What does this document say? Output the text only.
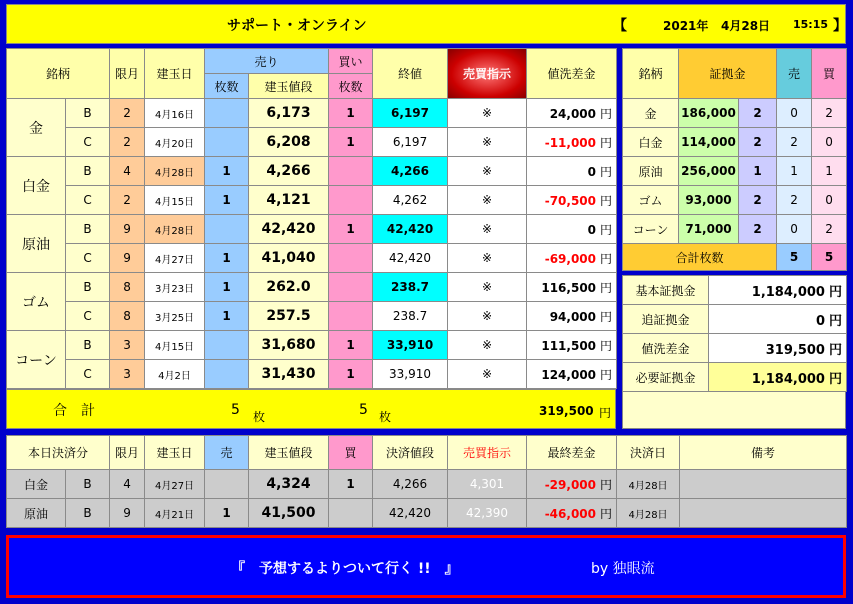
サポート・オンライン	【	2021年 4月28日 15:15 】
銘柄		限月	建玉日	売り		買い	終値	売買指示	値洗差金
				枚数	建玉値段	枚数			
金	B	2	4月16日		6,173	1	6,197	※	24,000 円
	C	2	4月20日		6,208	1	6,197	※	-11,000 円
白金	B	4	4月28日	1	4,266		4,266	※	0 円
	C	2	4月15日	1	4,121		4,262	※	-70,500 円
原油	B	9	4月28日		42,420	1	42,420	※	0 円
	C	9	4月27日	1	41,040		42,420	※	-69,000 円
ゴム	B	8	3月23日	1	262.0		238.7	※	116,500 円
	C	8	3月25日	1	257.5		238.7	※	94,000 円
コーン	B	3	4月15日		31,680	1	33,910	※	111,500 円
	C	3	4月2日		31,430	1	33,910	※	124,000 円
合　計	5 枚	5 枚	319,500 円
銘柄	証拠金		売	買
金	186,000	2	0	2
白金	114,000	2	2	0
原油	256,000	1	1	1
ゴム	93,000	2	2	0
コーン	71,000	2	0	2
合計枚数			5	5
基本証拠金	1,184,000 円
追証拠金	0 円
値洗差金	319,500 円
必要証拠金	1,184,000 円
本日決済分		限月	建玉日	売	建玉値段	買	決済値段	売買指示	最終差金	決済日	備考
白金	B	4	4月27日		4,324	1	4,266	4,301	-29,000 円	4月28日	
原油	B	9	4月21日	1	41,500		42,420	42,390	-46,000 円	4月28日	
『　予想するよりついて行く !!　』	by 独眼流
